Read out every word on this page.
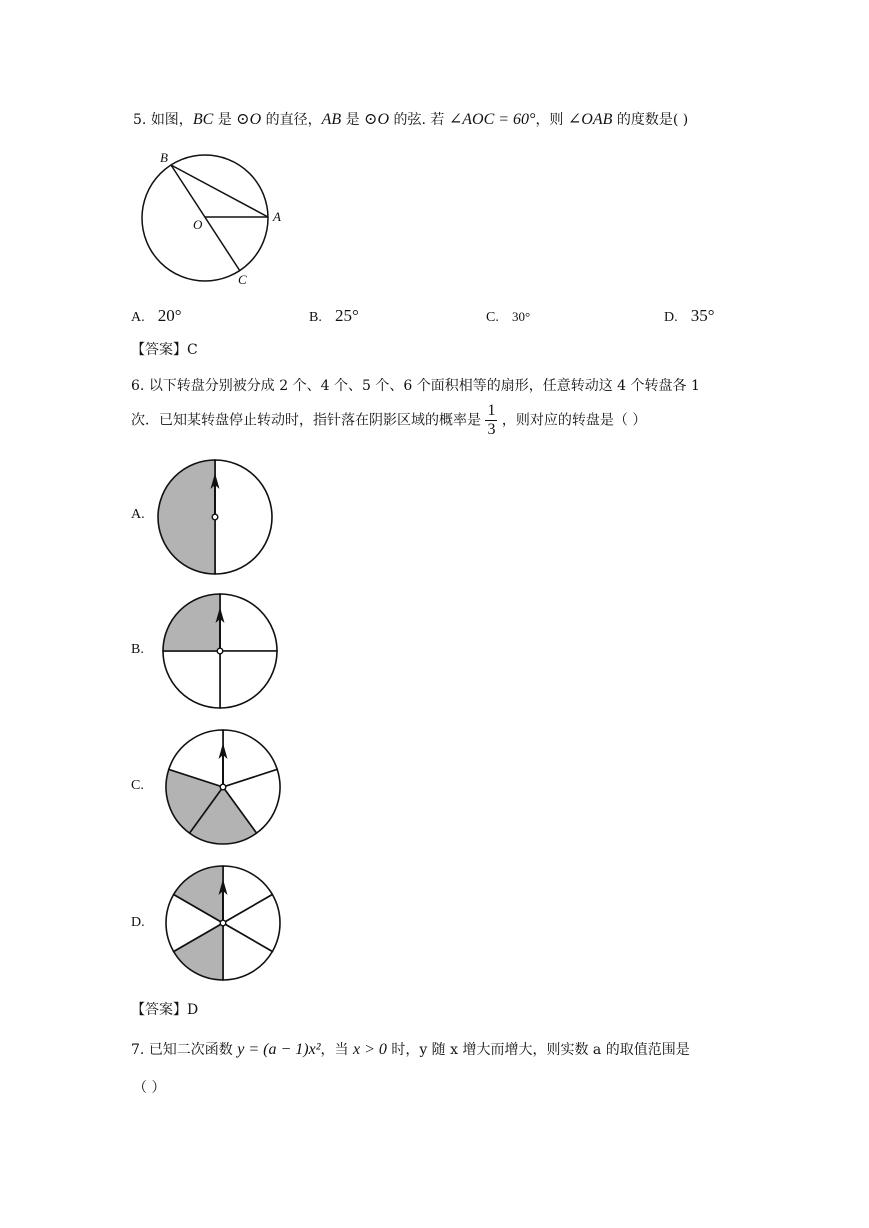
5. 如图，BC 是 ⊙O 的直径，AB 是 ⊙O 的弦. 若 ∠AOC = 60°，则 ∠OAB 的度数是( )
B
O
A
C
A. 20°	B. 25°	C. 30°	D. 35°
【答案】C
6. 以下转盘分别被分成 2 个、4 个、5 个、6 个面积相等的扇形，任意转动这 4 个转盘各 1
次．已知某转盘停止转动时，指针落在阴影区域的概率是 $\frac{1}{3}$ ，则对应的转盘是（ ）
A.
B.
C.
D.
【答案】D
7. 已知二次函数 y = (a − 1)x²，当 x > 0 时，y 随 x 增大而增大，则实数 a 的取值范围是
（ ）
